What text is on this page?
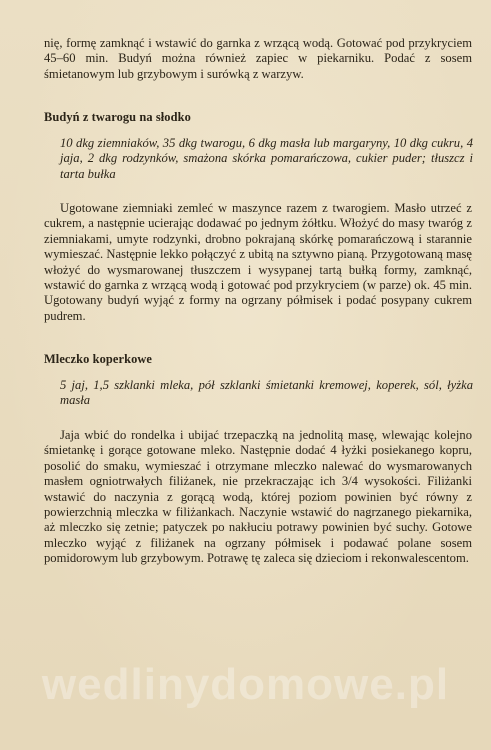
nię, formę zamknąć i wstawić do garnka z wrzącą wodą. Gotować pod przykryciem 45–60 min. Budyń można również zapiec w piekarniku. Podać z sosem śmietanowym lub grzybowym i surówką z warzyw.

Budyń z twarogu na słodko
10 dkg ziemniaków, 35 dkg twarogu, 6 dkg masła lub margaryny, 10 dkg cukru, 4 jaja, 2 dkg rodzynków, smażona skórka pomarańczowa, cukier puder; tłuszcz i tarta bułka

Ugotowane ziemniaki zemleć w maszynce razem z twarogiem. Masło utrzeć z cukrem, a następnie ucierając dodawać po jednym żółtku. Włożyć do masy twaróg z ziemniakami, umyte rodzynki, drobno pokrajaną skórkę pomarańczową i starannie wymieszać. Następnie lekko połączyć z ubitą na sztywno pianą. Przygotowaną masę włożyć do wysmarowanej tłuszczem i wysypanej tartą bułką formy, zamknąć, wstawić do garnka z wrzącą wodą i gotować pod przykryciem (w parze) ok. 45 min. Ugotowany budyń wyjąć z formy na ogrzany półmisek i podać posypany cukrem pudrem.

Mleczko koperkowe
5 jaj, 1,5 szklanki mleka, pół szklanki śmietanki kremowej, koperek, sól, łyżka masła

Jaja wbić do rondelka i ubijać trzepaczką na jednolitą masę, wlewając kolejno śmietankę i gorące gotowane mleko. Następnie dodać 4 łyżki posiekanego kopru, posolić do smaku, wymieszać i otrzymane mleczko nalewać do wysmarowanych masłem ogniotrwałych filiżanek, nie przekraczając ich 3/4 wysokości. Filiżanki wstawić do naczynia z gorącą wodą, której poziom powinien być równy z powierzchnią mleczka w filiżankach. Naczynie wstawić do nagrzanego piekarnika, aż mleczko się zetnie; patyczek po nakłuciu potrawy powinien być suchy. Gotowe mleczko wyjąć z filiżanek na ogrzany półmisek i podawać polane sosem pomidorowym lub grzybowym. Potrawę tę zaleca się dzieciom i rekonwalescentom.

wedlinydomowe.pl
